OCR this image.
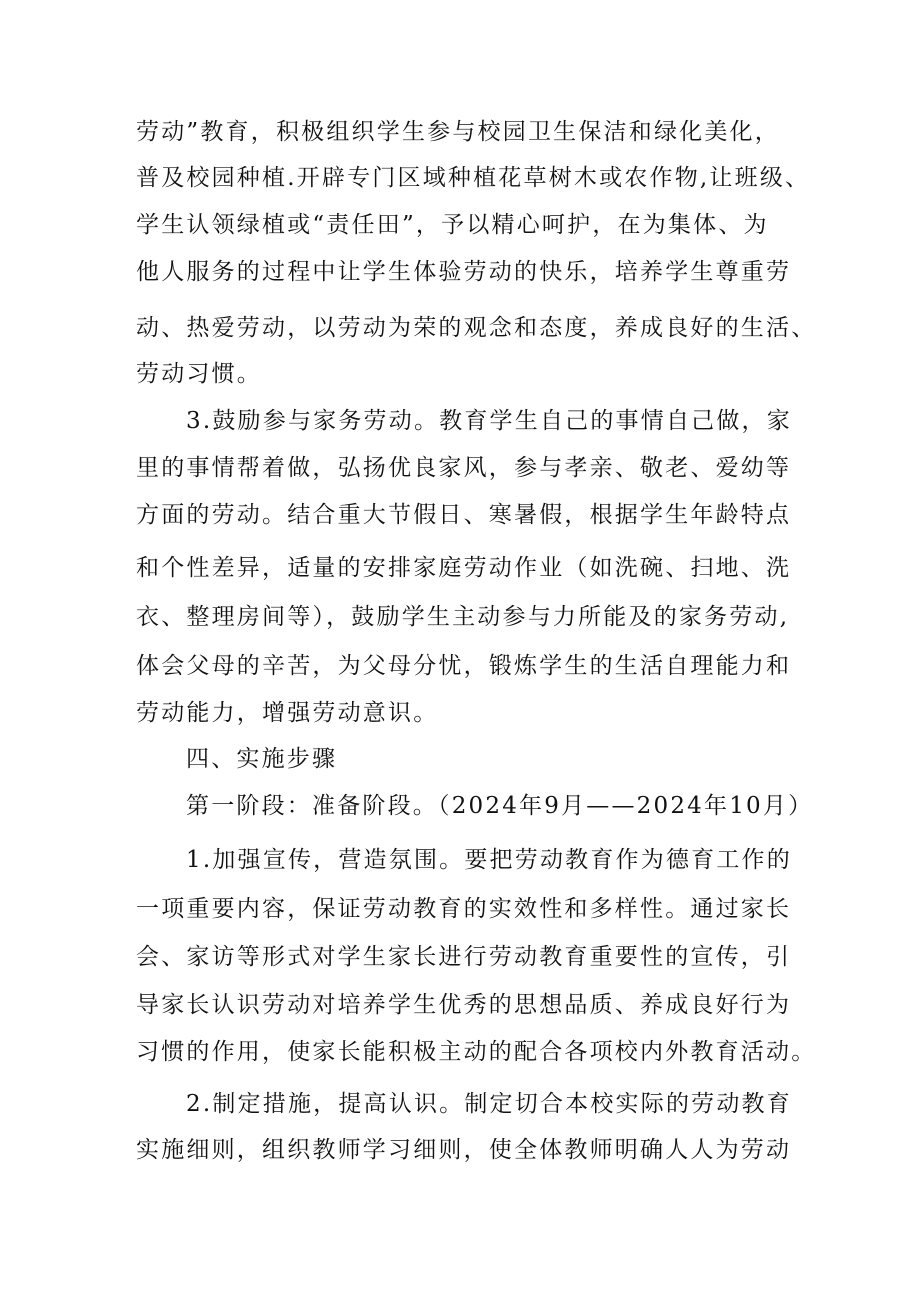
劳动”教育，积极组织学生参与校园卫生保洁和绿化美化，
普及校园种植.开辟专门区域种植花草树木或农作物,让班级、
学生认领绿植或“责任田”，予以精心呵护，在为集体、为
他人服务的过程中让学生体验劳动的快乐，培养学生尊重劳
动、热爱劳动，以劳动为荣的观念和态度，养成良好的生活、
劳动习惯。
3.鼓励参与家务劳动。教育学生自己的事情自己做，家
里的事情帮着做，弘扬优良家风，参与孝亲、敬老、爱幼等
方面的劳动。结合重大节假日、寒暑假，根据学生年龄特点
和个性差异，适量的安排家庭劳动作业（如洗碗、扫地、洗
衣、整理房间等），鼓励学生主动参与力所能及的家务劳动,
体会父母的辛苦，为父母分忧，锻炼学生的生活自理能力和
劳动能力，增强劳动意识。
四、实施步骤
第一阶段：准备阶段。（2024年9月——2024年10月）
1.加强宣传，营造氛围。要把劳动教育作为德育工作的
一项重要内容，保证劳动教育的实效性和多样性。通过家长
会、家访等形式对学生家长进行劳动教育重要性的宣传，引
导家长认识劳动对培养学生优秀的思想品质、养成良好行为
习惯的作用，使家长能积极主动的配合各项校内外教育活动。
2.制定措施，提高认识。制定切合本校实际的劳动教育
实施细则，组织教师学习细则，使全体教师明确人人为劳动
